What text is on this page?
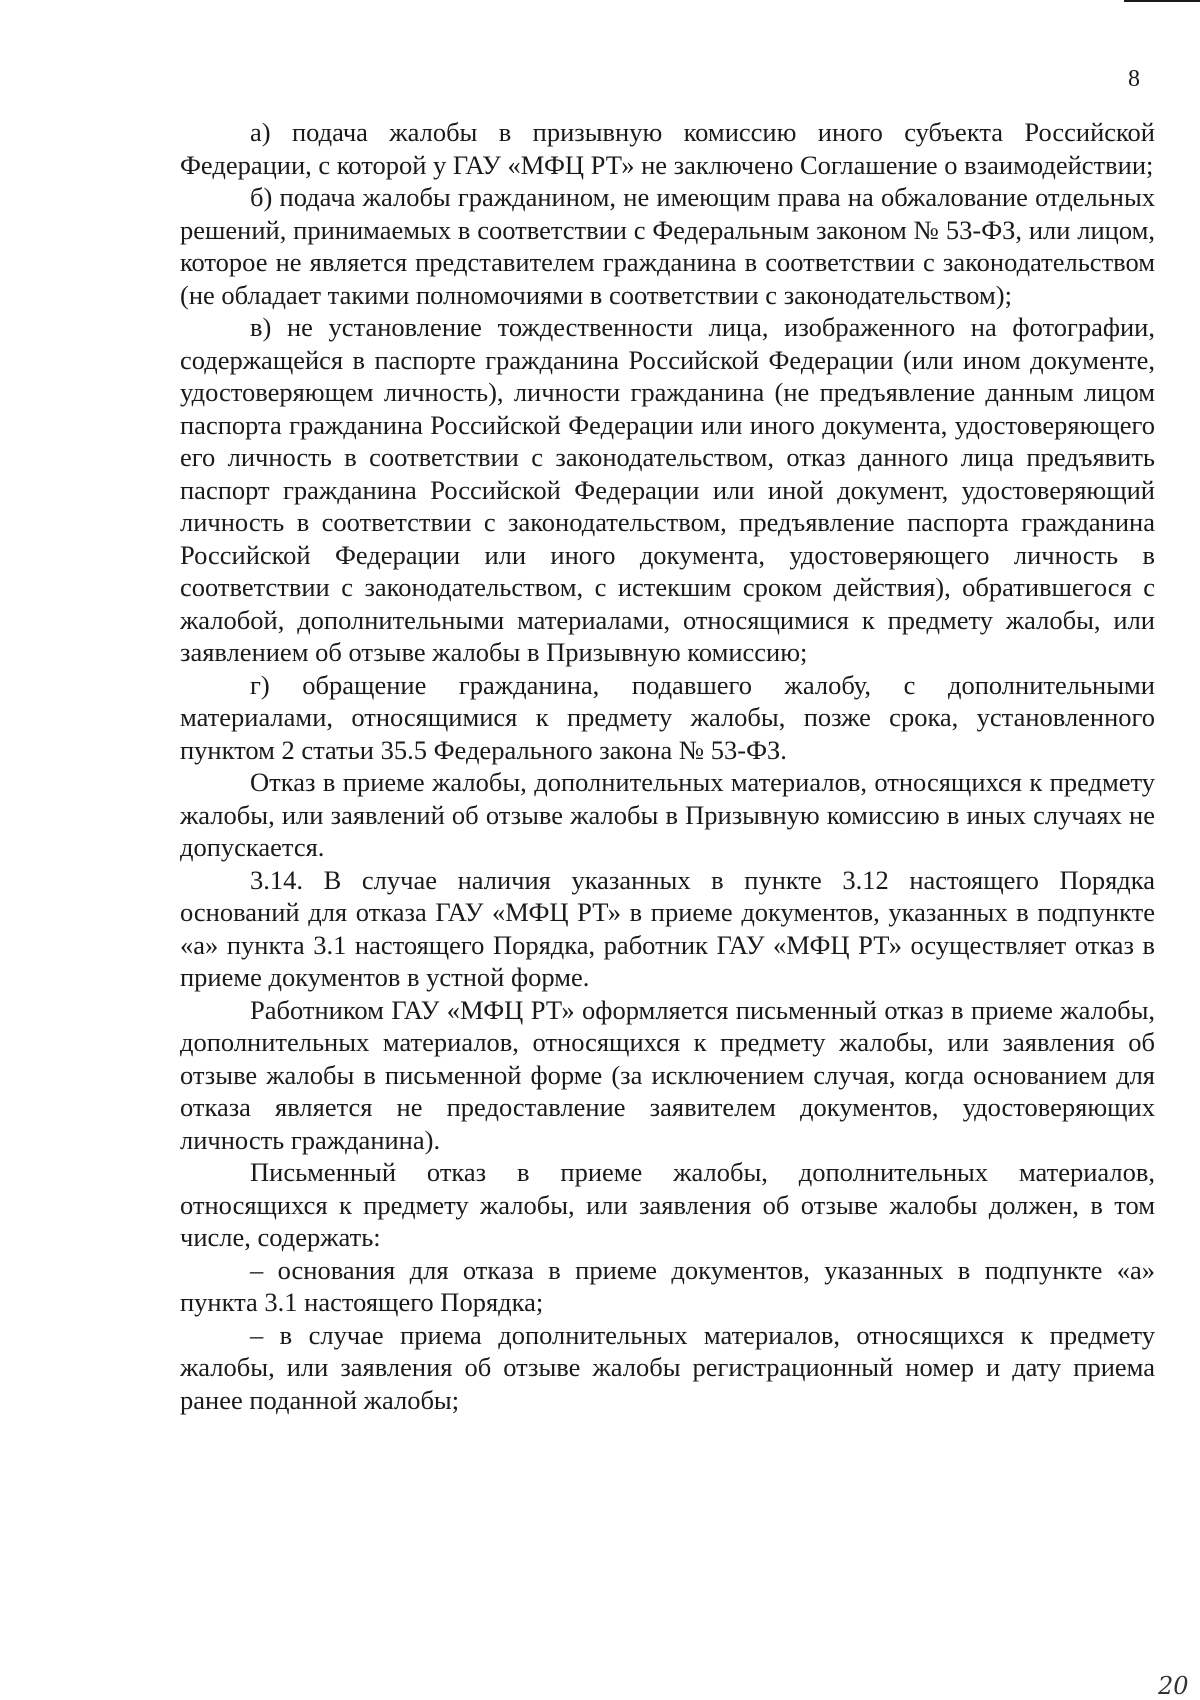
8

а) подача жалобы в призывную комиссию иного субъекта Российской Федерации, с которой у ГАУ «МФЦ РТ» не заключено Соглашение о взаимодействии;

б) подача жалобы гражданином, не имеющим права на обжалование отдельных решений, принимаемых в соответствии с Федеральным законом № 53-ФЗ, или лицом, которое не является представителем гражданина в соответствии с законодательством (не обладает такими полномочиями в соответствии с законодательством);

в) не установление тождественности лица, изображенного на фотографии, содержащейся в паспорте гражданина Российской Федерации (или ином документе, удостоверяющем личность), личности гражданина (не предъявление данным лицом паспорта гражданина Российской Федерации или иного документа, удостоверяющего его личность в соответствии с законодательством, отказ данного лица предъявить паспорт гражданина Российской Федерации или иной документ, удостоверяющий личность в соответствии с законодательством, предъявление паспорта гражданина Российской Федерации или иного документа, удостоверяющего личность в соответствии с законодательством, с истекшим сроком действия), обратившегося с жалобой, дополнительными материалами, относящимися к предмету жалобы, или заявлением об отзыве жалобы в Призывную комиссию;

г) обращение гражданина, подавшего жалобу, с дополнительными материалами, относящимися к предмету жалобы, позже срока, установленного пунктом 2 статьи 35.5 Федерального закона № 53-ФЗ.

Отказ в приеме жалобы, дополнительных материалов, относящихся к предмету жалобы, или заявлений об отзыве жалобы в Призывную комиссию в иных случаях не допускается.

3.14. В случае наличия указанных в пункте 3.12 настоящего Порядка оснований для отказа ГАУ «МФЦ РТ» в приеме документов, указанных в подпункте «а» пункта 3.1 настоящего Порядка, работник ГАУ «МФЦ РТ» осуществляет отказ в приеме документов в устной форме.

Работником ГАУ «МФЦ РТ» оформляется письменный отказ в приеме жалобы, дополнительных материалов, относящихся к предмету жалобы, или заявления об отзыве жалобы в письменной форме (за исключением случая, когда основанием для отказа является не предоставление заявителем документов, удостоверяющих личность гражданина).

Письменный отказ в приеме жалобы, дополнительных материалов, относящихся к предмету жалобы, или заявления об отзыве жалобы должен, в том числе, содержать:

– основания для отказа в приеме документов, указанных в подпункте «а» пункта 3.1 настоящего Порядка;

– в случае приема дополнительных материалов, относящихся к предмету жалобы, или заявления об отзыве жалобы регистрационный номер и дату приема ранее поданной жалобы;

20
